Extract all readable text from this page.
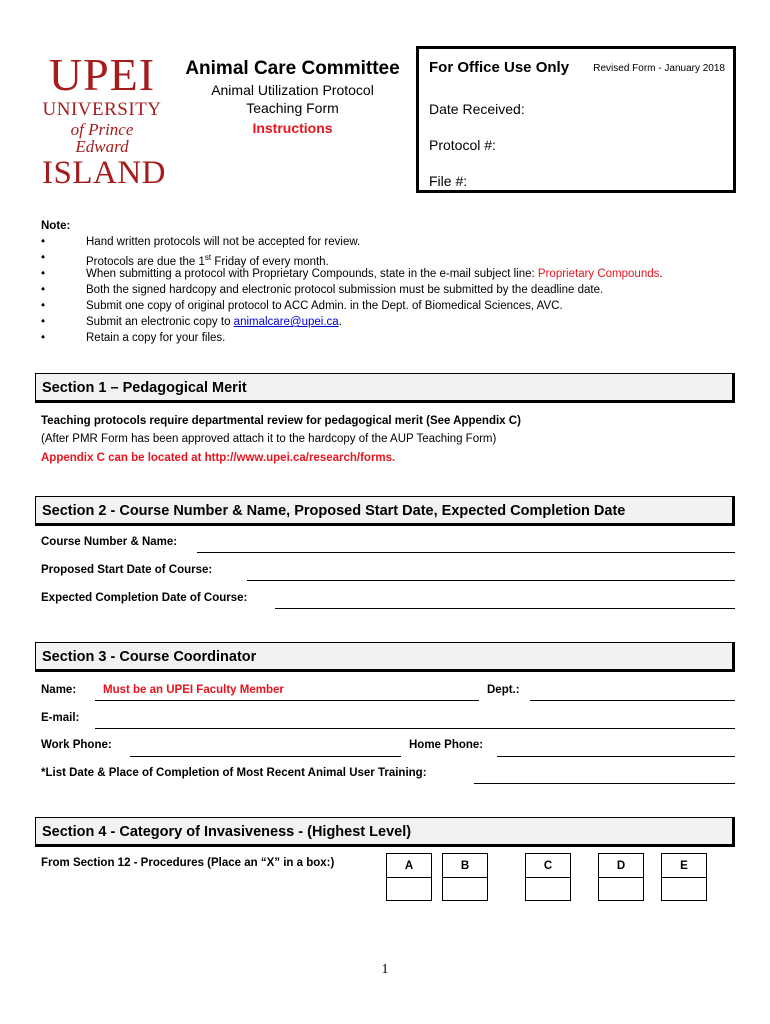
UPEI
UNIVERSITY
of Prince Edward
ISLAND
Animal Care Committee
Animal Utilization Protocol
Teaching Form
Instructions
For Office Use Only Revised Form - January 2018
Date Received:
Protocol #:
File #:
Note:
• Hand written protocols will not be accepted for review.
• Protocols are due the 1st Friday of every month.
• When submitting a protocol with Proprietary Compounds, state in the e-mail subject line: Proprietary Compounds.
• Both the signed hardcopy and electronic protocol submission must be submitted by the deadline date.
• Submit one copy of original protocol to ACC Admin. in the Dept. of Biomedical Sciences, AVC.
• Submit an electronic copy to animalcare@upei.ca.
• Retain a copy for your files.
Section 1 – Pedagogical Merit
Teaching protocols require departmental review for pedagogical merit (See Appendix C)
(After PMR Form has been approved attach it to the hardcopy of the AUP Teaching Form)
Appendix C can be located at http://www.upei.ca/research/forms.
Section 2 - Course Number & Name, Proposed Start Date, Expected Completion Date
Course Number & Name:
Proposed Start Date of Course:
Expected Completion Date of Course:
Section 3 - Course Coordinator
Name: Must be an UPEI Faculty Member	Dept.:
E-mail:
Work Phone:	Home Phone:
*List Date & Place of Completion of Most Recent Animal User Training:
Section 4 - Category of Invasiveness - (Highest Level)
From Section 12 - Procedures (Place an “X” in a box:)	A	B	C	D	E
1
